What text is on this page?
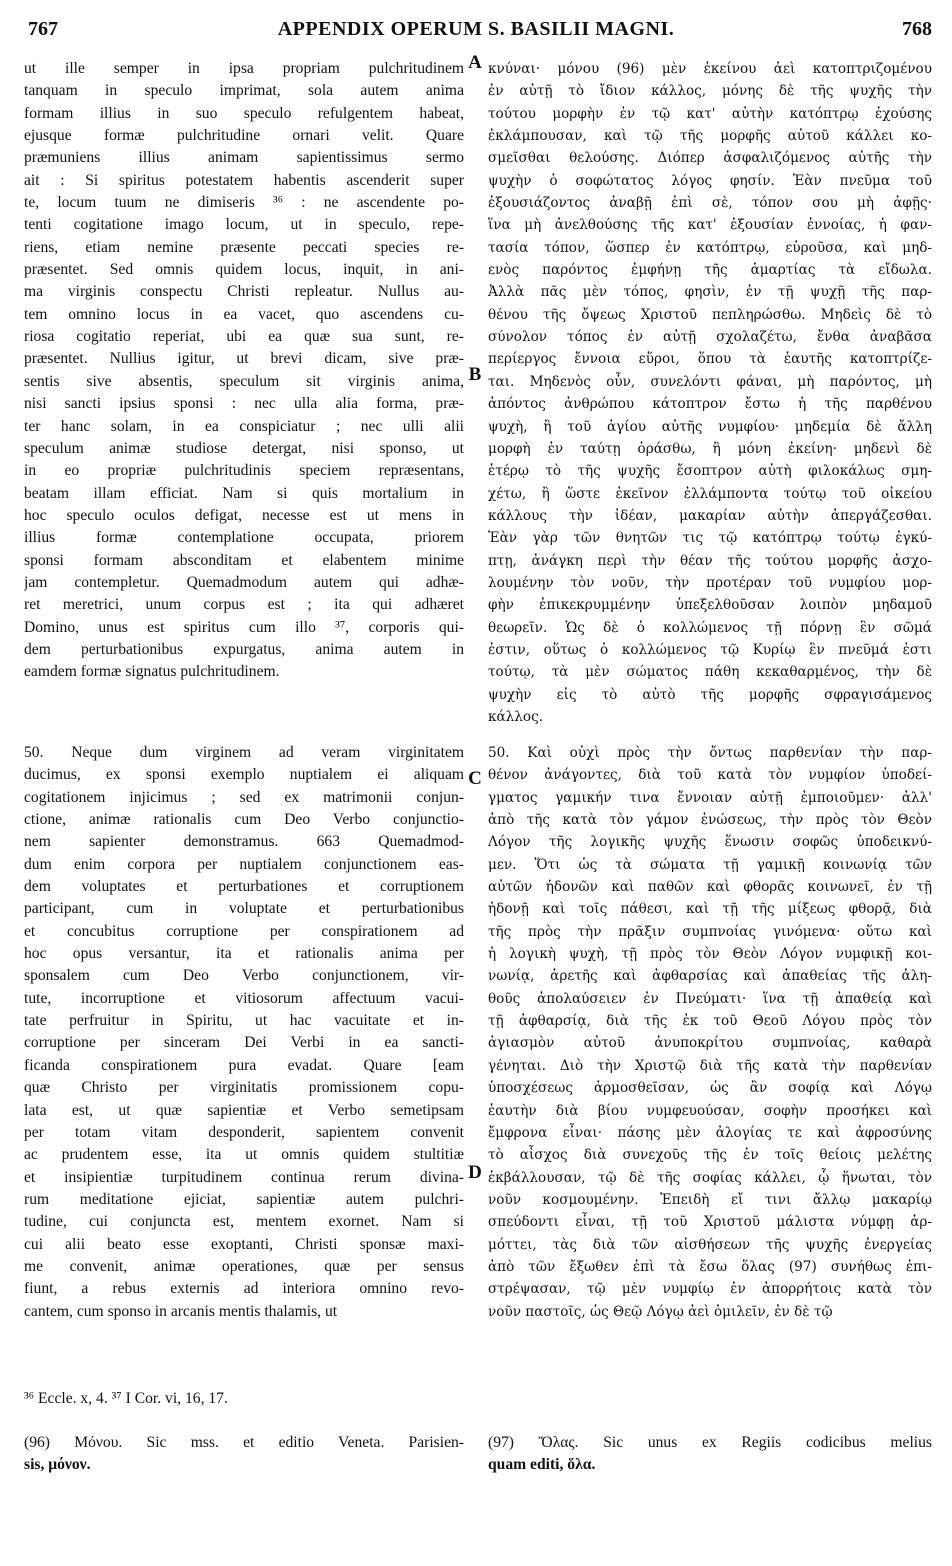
767	APPENDIX OPERUM S. BASILII MAGNI.	768
A
B
C
D
ut ille semper in ipsa propriam pulchritudinem
tanquam in speculo imprimat, sola autem anima
formam illius in suo speculo refulgentem habeat,
ejusque formæ pulchritudine ornari velit. Quare
præmuniens illius animam sapientissimus sermo
ait : Si spiritus potestatem habentis ascenderit super
te, locum tuum ne dimiseris ³⁶ : ne ascendente po-
tenti cogitatione imago locum, ut in speculo, repe-
riens, etiam nemine præsente peccati species re-
præsentet. Sed omnis quidem locus, inquit, in ani-
ma virginis conspectu Christi repleatur. Nullus au-
tem omnino locus in ea vacet, quo ascendens cu-
riosa cogitatio reperiat, ubi ea quæ sua sunt, re-
præsentet. Nullius igitur, ut brevi dicam, sive præ-
sentis sive absentis, speculum sit virginis animа,
nisi sancti ipsius sponsi : nec ulla alia forma, præ-
ter hanc solam, in ea conspiciatur ; nec ulli alii
speculum animæ studiose detergat, nisi sponso, ut
in eo propriæ pulchritudinis speciem repræsentans,
beatam illam efficiat. Nam si quis mortalium in
hoc speculo oculos defigat, necesse est ut mens in
illius formæ contemplatione occupata, priorem
sponsi formam absconditam et elabentem minime
jam contempletur. Quemadmodum autem qui adhæ-
ret meretrici, unum corpus est ; ita qui adhæret
Domino, unus est spiritus cum illo ³⁷, corporis qui-
dem perturbationibus expurgatus, anima autem in
eamdem formæ signatus pulchritudinem.
κνύναι· μόνου (96) μὲν ἐκείνου ἀεὶ κατοπτριζομένου
ἐν αὐτῇ τὸ ἴδιον κάλλος, μόνης δὲ τῆς ψυχῆς τὴν
τούτου μορφὴν ἐν τῷ κατ' αὐτὴν κατόπτρῳ ἐχούσης
ἐκλάμπουσαν, καὶ τῷ τῆς μορφῆς αὐτοῦ κάλλει κο-
σμεῖσθαι θελούσης. Διόπερ ἀσφαλιζόμενος αὐτῆς τὴν
ψυχὴν ὁ σοφώτατος λόγος φησίν. Ἐὰν πνεῦμα τοῦ
ἐξουσιάζοντος ἀναβῇ ἐπὶ σὲ, τόπον σου μὴ ἀφῇς·
ἵνα μὴ ἀνελθούσης τῆς κατ' ἐξουσίαν ἐννοίας, ἡ φαν-
τασία τόπον, ὥσπερ ἐν κατόπτρῳ, εὑροῦσα, καὶ μηδ-
ενὸς παρόντος ἐμφήνῃ τῆς ἁμαρτίας τὰ εἴδωλα.
Ἀλλὰ πᾶς μὲν τόπος, φησὶν, ἐν τῇ ψυχῇ τῆς παρ-
θένου τῆς ὄψεως Χριστοῦ πεπληρώσθω. Μηδεὶς δὲ τὸ
σύνολον τόπος ἐν αὐτῇ σχολαζέτω, ἔνθα ἀναβᾶσα
περίεργος ἔννοια εὕροι, ὅπου τὰ ἑαυτῆς κατοπτρίζε-
ται. Μηδενὸς οὖν, συνελόντι φάναι, μὴ παρόντος, μὴ
ἀπόντος ἀνθρώπου κάτοπτρον ἔστω ἡ τῆς παρθένου
ψυχὴ, ἢ τοῦ ἁγίου αὐτῆς νυμφίου· μηδεμία δὲ ἄλλη
μορφὴ ἐν ταύτῃ ὁράσθω, ἢ μόνη ἐκείνη· μηδενὶ δὲ
ἑτέρῳ τὸ τῆς ψυχῆς ἔσοπτρον αὐτὴ φιλοκάλως σμη-
χέτω, ἢ ὥστε ἐκεῖνον ἐλλάμποντα τούτῳ τοῦ οἰκείου
κάλλους τὴν ἰδέαν, μακαρίαν αὐτὴν ἀπεργάζεσθαι.
Ἐὰν γὰρ τῶν θνητῶν τις τῷ κατόπτρῳ τούτῳ ἐγκύ-
πτῃ, ἀνάγκη περὶ τὴν θέαν τῆς τούτου μορφῆς ἀσχο-
λουμένην τὸν νοῦν, τὴν προτέραν τοῦ νυμφίου μορ-
φὴν ἐπικεκρυμμένην ὑπεξελθοῦσαν λοιπὸν μηδαμοῦ
θεωρεῖν. Ὡς δὲ ὁ κολλώμενος τῇ πόρνῃ ἓν σῶμά
ἐστιν, οὕτως ὁ κολλώμενος τῷ Κυρίῳ ἓν πνεῦμά ἐστι
τούτῳ, τὰ μὲν σώματος πάθη κεκαθαρμένος, τὴν δὲ
ψυχὴν εἰς τὸ αὐτὸ τῆς μορφῆς σφραγισάμενος
κάλλος.
50. Neque dum virginem ad veram virginitatem
ducimus, ex sponsi exemplo nuptialem ei aliquam
cogitationem injicimus ; sed ex matrimonii conjun-
ctione, animæ rationalis cum Deo Verbo conjunctio-
nem sapienter demonstramus. 663 Quemadmod-
dum enim corpora per nuptialem conjunctionem eas-
dem voluptates et perturbationes et corruptionem
participant, cum in voluptate et perturbationibus
et concubitus corruptione per conspirationem ad
hoc opus versantur, ita et rationalis anima per
sponsalem cum Deo Verbo conjunctionem, vir-
tute, incorruptione et vitiosorum affectuum vacui-
tate perfruitur in Spiritu, ut hac vacuitate et in-
corruptione per sinceram Dei Verbi in ea sancti-
ficanda conspirationem pura evadat. Quare [eam
quæ Christo per virginitatis promissionem copu-
lata est, ut quæ sapientiæ et Verbo semetipsam
per totam vitam desponderit, sapientem convenit
ac prudentem esse, ita ut omnis quidem stultitiæ
et insipientiæ turpitudinem continua rerum divina-
rum meditatione ejiciat, sapientiæ autem pulchri-
tudine, cui conjuncta est, mentem exornet. Nam si
cui alii beato esse exoptanti, Christi sponsæ maxi-
me convenit, animæ operationes, quæ per sensus
fiunt, a rebus externis ad interiora omnino revo-
cantem, cum sponso in arcanis mentis thalamis, ut
50. Καὶ οὐχὶ πρὸς τὴν ὄντως παρθενίαν τὴν παρ-
θένον ἀνάγοντες, διὰ τοῦ κατὰ τὸν νυμφίον ὑποδεί-
γματος γαμικήν τινα ἔννοιαν αὐτῇ ἐμποιοῦμεν· ἀλλ'
ἀπὸ τῆς κατὰ τὸν γάμον ἑνώσεως, τὴν πρὸς τὸν Θεὸν
Λόγον τῆς λογικῆς ψυχῆς ἕνωσιν σοφῶς ὑποδεικνύ-
μεν. Ὅτι ὡς τὰ σώματα τῇ γαμικῇ κοινωνίᾳ τῶν
αὐτῶν ἡδονῶν καὶ παθῶν καὶ φθορᾶς κοινωνεῖ, ἐν τῇ
ἡδονῇ καὶ τοῖς πάθεσι, καὶ τῇ τῆς μίξεως φθορᾷ, διὰ
τῆς πρὸς τὴν πρᾶξιν συμπνοίας γινόμενα· οὕτω καὶ
ἡ λογικὴ ψυχὴ, τῇ πρὸς τὸν Θεὸν Λόγον νυμφικῇ κοι-
νωνίᾳ, ἀρετῆς καὶ ἀφθαρσίας καὶ ἀπαθείας τῆς ἀλη-
θοῦς ἀπολαύσειεν ἐν Πνεύματι· ἵνα τῇ ἀπαθείᾳ καὶ
τῇ ἀφθαρσίᾳ, διὰ τῆς ἐκ τοῦ Θεοῦ Λόγου πρὸς τὸν
ἁγιασμὸν αὐτοῦ ἀνυποκρίτου συμπνοίας, καθαρὰ
γένηται. Διὸ τὴν Χριστῷ διὰ τῆς κατὰ τὴν παρθενίαν
ὑποσχέσεως ἁρμοσθεῖσαν, ὡς ἂν σοφίᾳ καὶ Λόγῳ
ἑαυτὴν διὰ βίου νυμφευούσαν, σοφὴν προσήκει καὶ
ἔμφρονα εἶναι· πάσης μὲν ἀλογίας τε καὶ ἀφροσύνης
τὸ αἶσχος διὰ συνεχοῦς τῆς ἐν τοῖς θείοις μελέτης
ἐκβάλλουσαν, τῷ δὲ τῆς σοφίας κάλλει, ᾧ ἥνωται, τὸν
νοῦν κοσμουμένην. Ἐπειδὴ εἴ τινι ἄλλῳ μακαρίῳ
σπεύδοντι εἶναι, τῇ τοῦ Χριστοῦ μάλιστα νύμφῃ ἁρ-
μόττει, τὰς διὰ τῶν αἰσθήσεων τῆς ψυχῆς ἐνεργείας
ἀπὸ τῶν ἔξωθεν ἐπὶ τὰ ἔσω ὅλας (97) συνήθως ἐπι-
στρέψασαν, τῷ μὲν νυμφίῳ ἐν ἀπορρήτοις κατὰ τὸν
νοῦν παστοῖς, ὡς Θεῷ Λόγῳ ἀεὶ ὁμιλεῖν, ἐν δὲ τῷ
³⁶ Eccle. x, 4. ³⁷ I Cor. vi, 16, 17.
(96) Μόνου. Sic mss. et editio Veneta. Parisien-
sis, μόνον.
(97) Ὅλας. Sic unus ex Regiis codicibus melius
quam editi, ὅλα.
